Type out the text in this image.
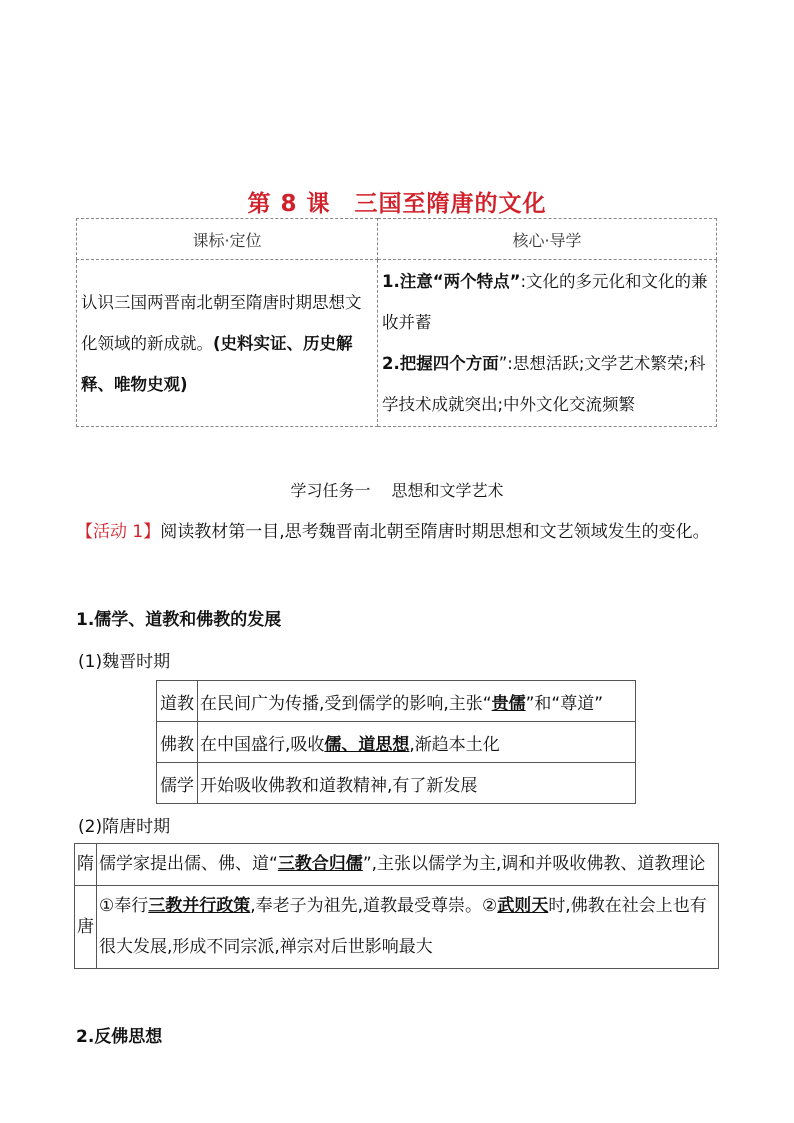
第 8 课　三国至隋唐的文化
课标·定位	核心·导学
认识三国两晋南北朝至隋唐时期思想文化领域的新成就。(史料实证、历史解释、唯物史观)	1.注意“两个特点”:文化的多元化和文化的兼收并蓄
2.把握四个方面”:思想活跃;文学艺术繁荣;科学技术成就突出;中外文化交流频繁
学习任务一　 思想和文学艺术
【活动 1】阅读教材第一目,思考魏晋南北朝至隋唐时期思想和文艺领域发生的变化。
1.儒学、道教和佛教的发展
(1)魏晋时期
道教	在民间广为传播,受到儒学的影响,主张“贵儒”和“尊道”
佛教	在中国盛行,吸收儒、道思想,渐趋本土化
儒学	开始吸收佛教和道教精神,有了新发展
(2)隋唐时期
隋	儒学家提出儒、佛、道“三教合归儒”,主张以儒学为主,调和并吸收佛教、道教理论
唐	①奉行三教并行政策,奉老子为祖先,道教最受尊崇。②武则天时,佛教在社会上也有很大发展,形成不同宗派,禅宗对后世影响最大
2.反佛思想
